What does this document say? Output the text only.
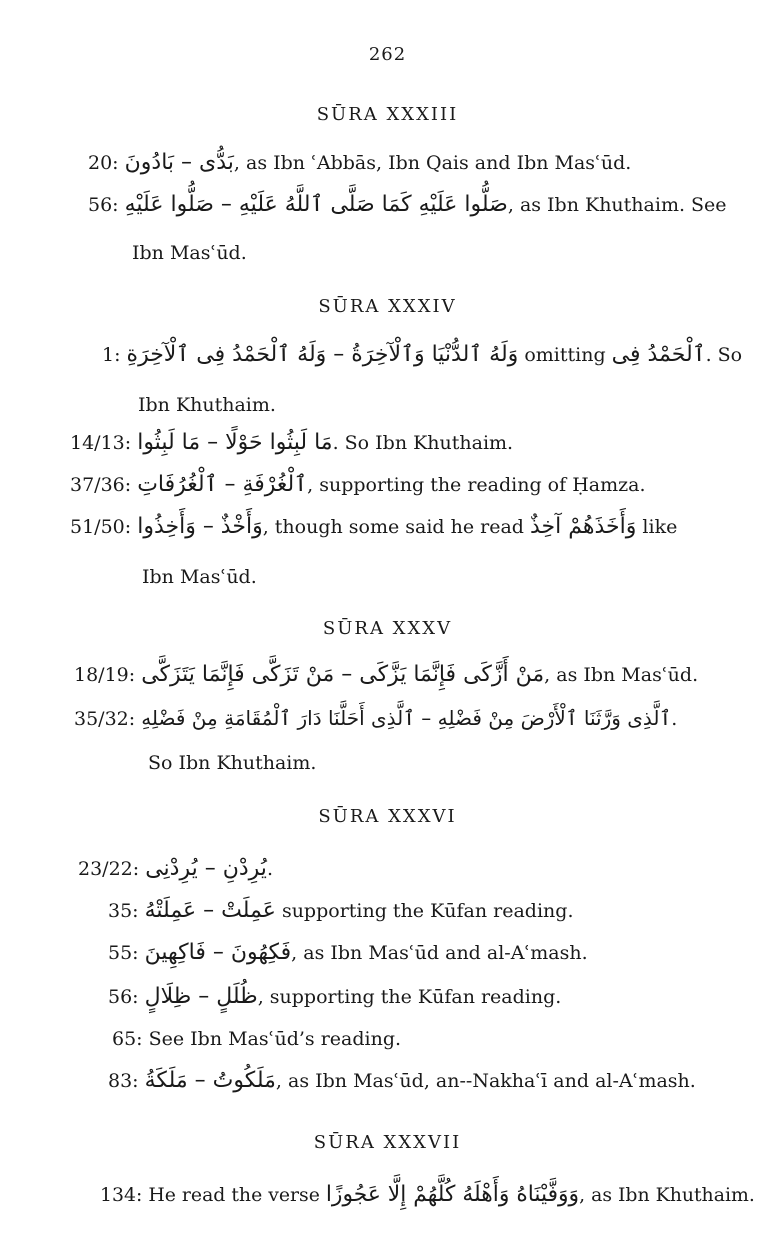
262
SŪRA XXXIII
20: بَدُّى – بَادُونَ, as Ibn ʿAbbās, Ibn Qais and Ibn Masʿūd.
56: صَلُّوا عَلَيْهِ كَمَا صَلَّى ٱللَّهُ عَلَيْهِ – صَلُّوا عَلَيْهِ, as Ibn Khuthaim. See
Ibn Masʿūd.
SŪRA XXXIV
1: وَلَهُ ٱلدُّنْيَا وَٱلْآخِرَةُ – وَلَهُ ٱلْحَمْدُ فِى ٱلْآخِرَةِ omitting ٱلْحَمْدُ فِى. So
Ibn Khuthaim.
14/13: مَا لَبِثُوا حَوْلًا – مَا لَبِثُوا. So Ibn Khuthaim.
37/36: ٱلْغُرْفَةِ – ٱلْغُرُفَاتِ, supporting the reading of Ḥamza.
51/50: وَأَخْذٌ – وَأَخِذُوا, though some said he read وَأَخَذَهُمْ آخِذٌ like
Ibn Masʿūd.
SŪRA XXXV
18/19: مَنْ أَزَّكَى فَإِنَّمَا يَزَّكَى – مَنْ تَزَكَّى فَإِنَّمَا يَتَزَكَّى, as Ibn Masʿūd.
35/32: ٱلَّذِى وَرَّثَنَا ٱلْأَرْضَ مِنْ فَضْلِهِ – ٱلَّذِى أَحَلَّنَا دَارَ ٱلْمُقَامَةِ مِنْ فَضْلِهِ.
So Ibn Khuthaim.
SŪRA XXXVI
23/22: يُرِدْنِ – يُرِدْنِى.
35: عَمِلَتْ – عَمِلَتْهُ supporting the Kūfan reading.
55: فَكِهُونَ – فَاكِهِينَ, as Ibn Masʿūd and al-Aʿmash.
56: ظُلَلٍ – ظِلَالٍ, supporting the Kūfan reading.
65: See Ibn Masʿūd’s reading.
83: مَلَكُوتُ – مَلَكَةُ, as Ibn Masʿūd, an--Nakhaʿī and al-Aʿmash.
SŪRA XXXVII
134: He read the verse وَوَفَّيْنَاهُ وَأَهْلَهُ كُلَّهُمْ إِلَّا عَجُوزًا, as Ibn Khuthaim.
